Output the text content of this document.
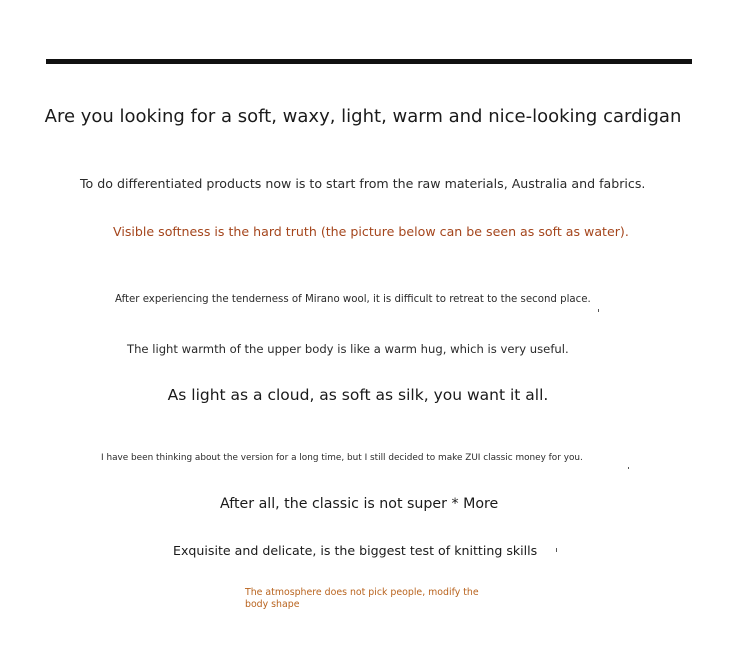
Are you looking for a soft, waxy, light, warm and nice-looking cardigan
To do differentiated products now is to start from the raw materials, Australia and fabrics.
Visible softness is the hard truth (the picture below can be seen as soft as water).
After experiencing the tenderness of Mirano wool, it is difficult to retreat to the second place.
The light warmth of the upper body is like a warm hug, which is very useful.
As light as a cloud, as soft as silk, you want it all.
I have been thinking about the version for a long time, but I still decided to make ZUI classic money for you.
After all, the classic is not super * More
Exquisite and delicate, is the biggest test of knitting skills
The atmosphere does not pick people, modify the body shape
